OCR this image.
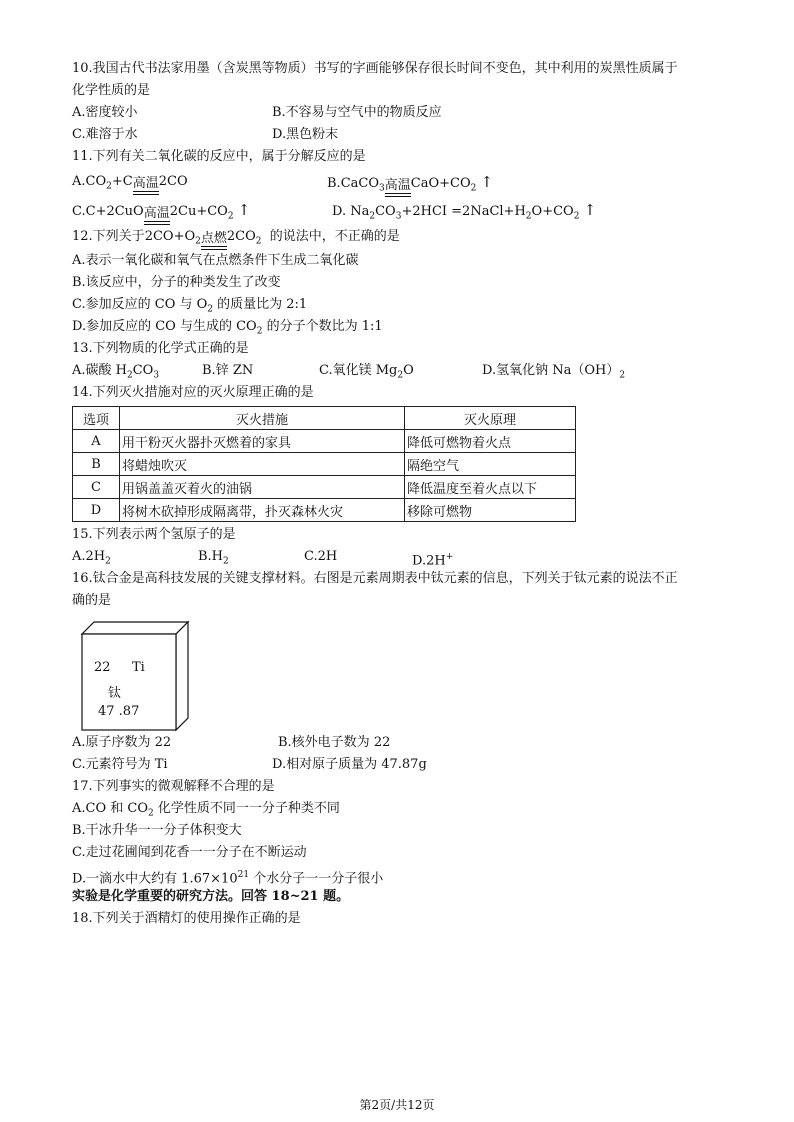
10.我国古代书法家用墨（含炭黑等物质）书写的字画能够保存很长时间不变色，其中利用的炭黑性质属于
化学性质的是
A.密度较小	B.不容易与空气中的物质反应
C.难溶于水	D.黑色粉末
11.下列有关二氧化碳的反应中，属于分解反应的是
$A.CO_2+C$ 高温 2CO	B.CaCO$_3$ 高温 $CaO+CO_2$ ↑
C.C+2CuO 高温 $2Cu+CO_2$ ↑	D. $Na_2CO_3+2HCI$ $=2NaCl+H_2O+CO_2$ ↑
12.下列关于$2CO+O_2$ 点燃 $2CO_2$ 的说法中，不正确的是
A.表示一氧化碳和氧气在点燃条件下生成二氧化碳
B.该反应中，分子的种类发生了改变
C.参加反应的 CO 与 $O_2$ 的质量比为 2:1
D.参加反应的 CO 与生成的 $CO_2$ 的分子个数比为 1:1
13.下列物质的化学式正确的是
A.碳酸 $H_2CO_3$	B.锌 ZN	C.氧化镁 $Mg_2O$	D.氢氧化钠 $Na(OH)_2$
14.下列灭火措施对应的灭火原理正确的是
选项	灭火措施	灭火原理
A	用干粉灭火器扑灭燃着的家具	降低可燃物着火点
B	将蜡烛吹灭	隔绝空气
C	用锅盖盖灭着火的油锅	降低温度至着火点以下
D	将树木砍掉形成隔离带，扑灭森林火灾	移除可燃物
15.下列表示两个氢原子的是
$A.2H_2$	$B.H_2$	C.2H	D.2H+
16.钛合金是高科技发展的关键支撑材料。右图是元素周期表中钛元素的信息，下列关于钛元素的说法不正
确的是
22 Ti
钛
47 .87
A.原子序数为 22	B.核外电子数为 22
C.元素符号为 Ti	D.相对原子质量为 47.87g
17.下列事实的微观解释不合理的是
A.CO 和 $CO_2$ 化学性质不同一一分子种类不同
B.干冰升华一一分子体积变大
C.走过花圃闻到花香一一分子在不断运动
D.一滴水中大约有 $1.67\times 10^{21}$ 个水分子一一分子很小
实验是化学重要的研究方法。回答 18~21 题。
18.下列关于酒精灯的使用操作正确的是
第2页/共12页
